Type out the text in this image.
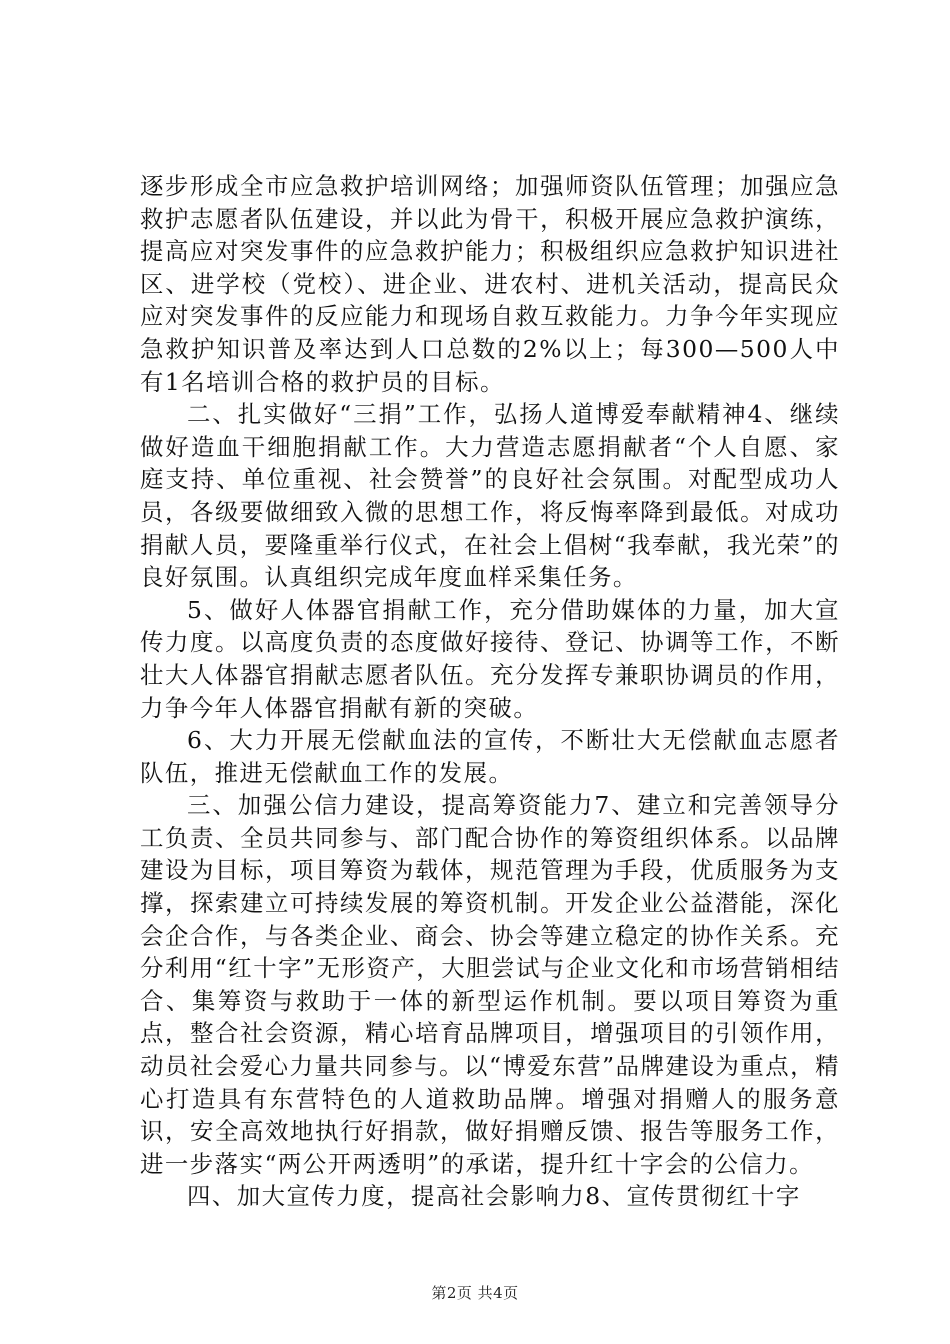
逐步形成全市应急救护培训网络；加强师资队伍管理；加强应急救护志愿者队伍建设，并以此为骨干，积极开展应急救护演练，提高应对突发事件的应急救护能力；积极组织应急救护知识进社区、进学校（党校）、进企业、进农村、进机关活动，提高民众应对突发事件的反应能力和现场自救互救能力。力争今年实现应急救护知识普及率达到人口总数的2%以上；每300—500人中有1名培训合格的救护员的目标。

二、扎实做好“三捐”工作，弘扬人道博爱奉献精神4、继续做好造血干细胞捐献工作。大力营造志愿捐献者“个人自愿、家庭支持、单位重视、社会赞誉”的良好社会氛围。对配型成功人员，各级要做细致入微的思想工作，将反悔率降到最低。对成功捐献人员，要隆重举行仪式，在社会上倡树“我奉献，我光荣”的良好氛围。认真组织完成年度血样采集任务。

5、做好人体器官捐献工作，充分借助媒体的力量，加大宣传力度。以高度负责的态度做好接待、登记、协调等工作，不断壮大人体器官捐献志愿者队伍。充分发挥专兼职协调员的作用，力争今年人体器官捐献有新的突破。

6、大力开展无偿献血法的宣传，不断壮大无偿献血志愿者队伍，推进无偿献血工作的发展。

三、加强公信力建设，提高筹资能力7、建立和完善领导分工负责、全员共同参与、部门配合协作的筹资组织体系。以品牌建设为目标，项目筹资为载体，规范管理为手段，优质服务为支撑，探索建立可持续发展的筹资机制。开发企业公益潜能，深化会企合作，与各类企业、商会、协会等建立稳定的协作关系。充分利用“红十字”无形资产，大胆尝试与企业文化和市场营销相结合、集筹资与救助于一体的新型运作机制。要以项目筹资为重点，整合社会资源，精心培育品牌项目，增强项目的引领作用，动员社会爱心力量共同参与。以“博爱东营”品牌建设为重点，精心打造具有东营特色的人道救助品牌。增强对捐赠人的服务意识，安全高效地执行好捐款，做好捐赠反馈、报告等服务工作，进一步落实“两公开两透明”的承诺，提升红十字会的公信力。

四、加大宣传力度，提高社会影响力8、宣传贯彻红十字

第2页 共4页
